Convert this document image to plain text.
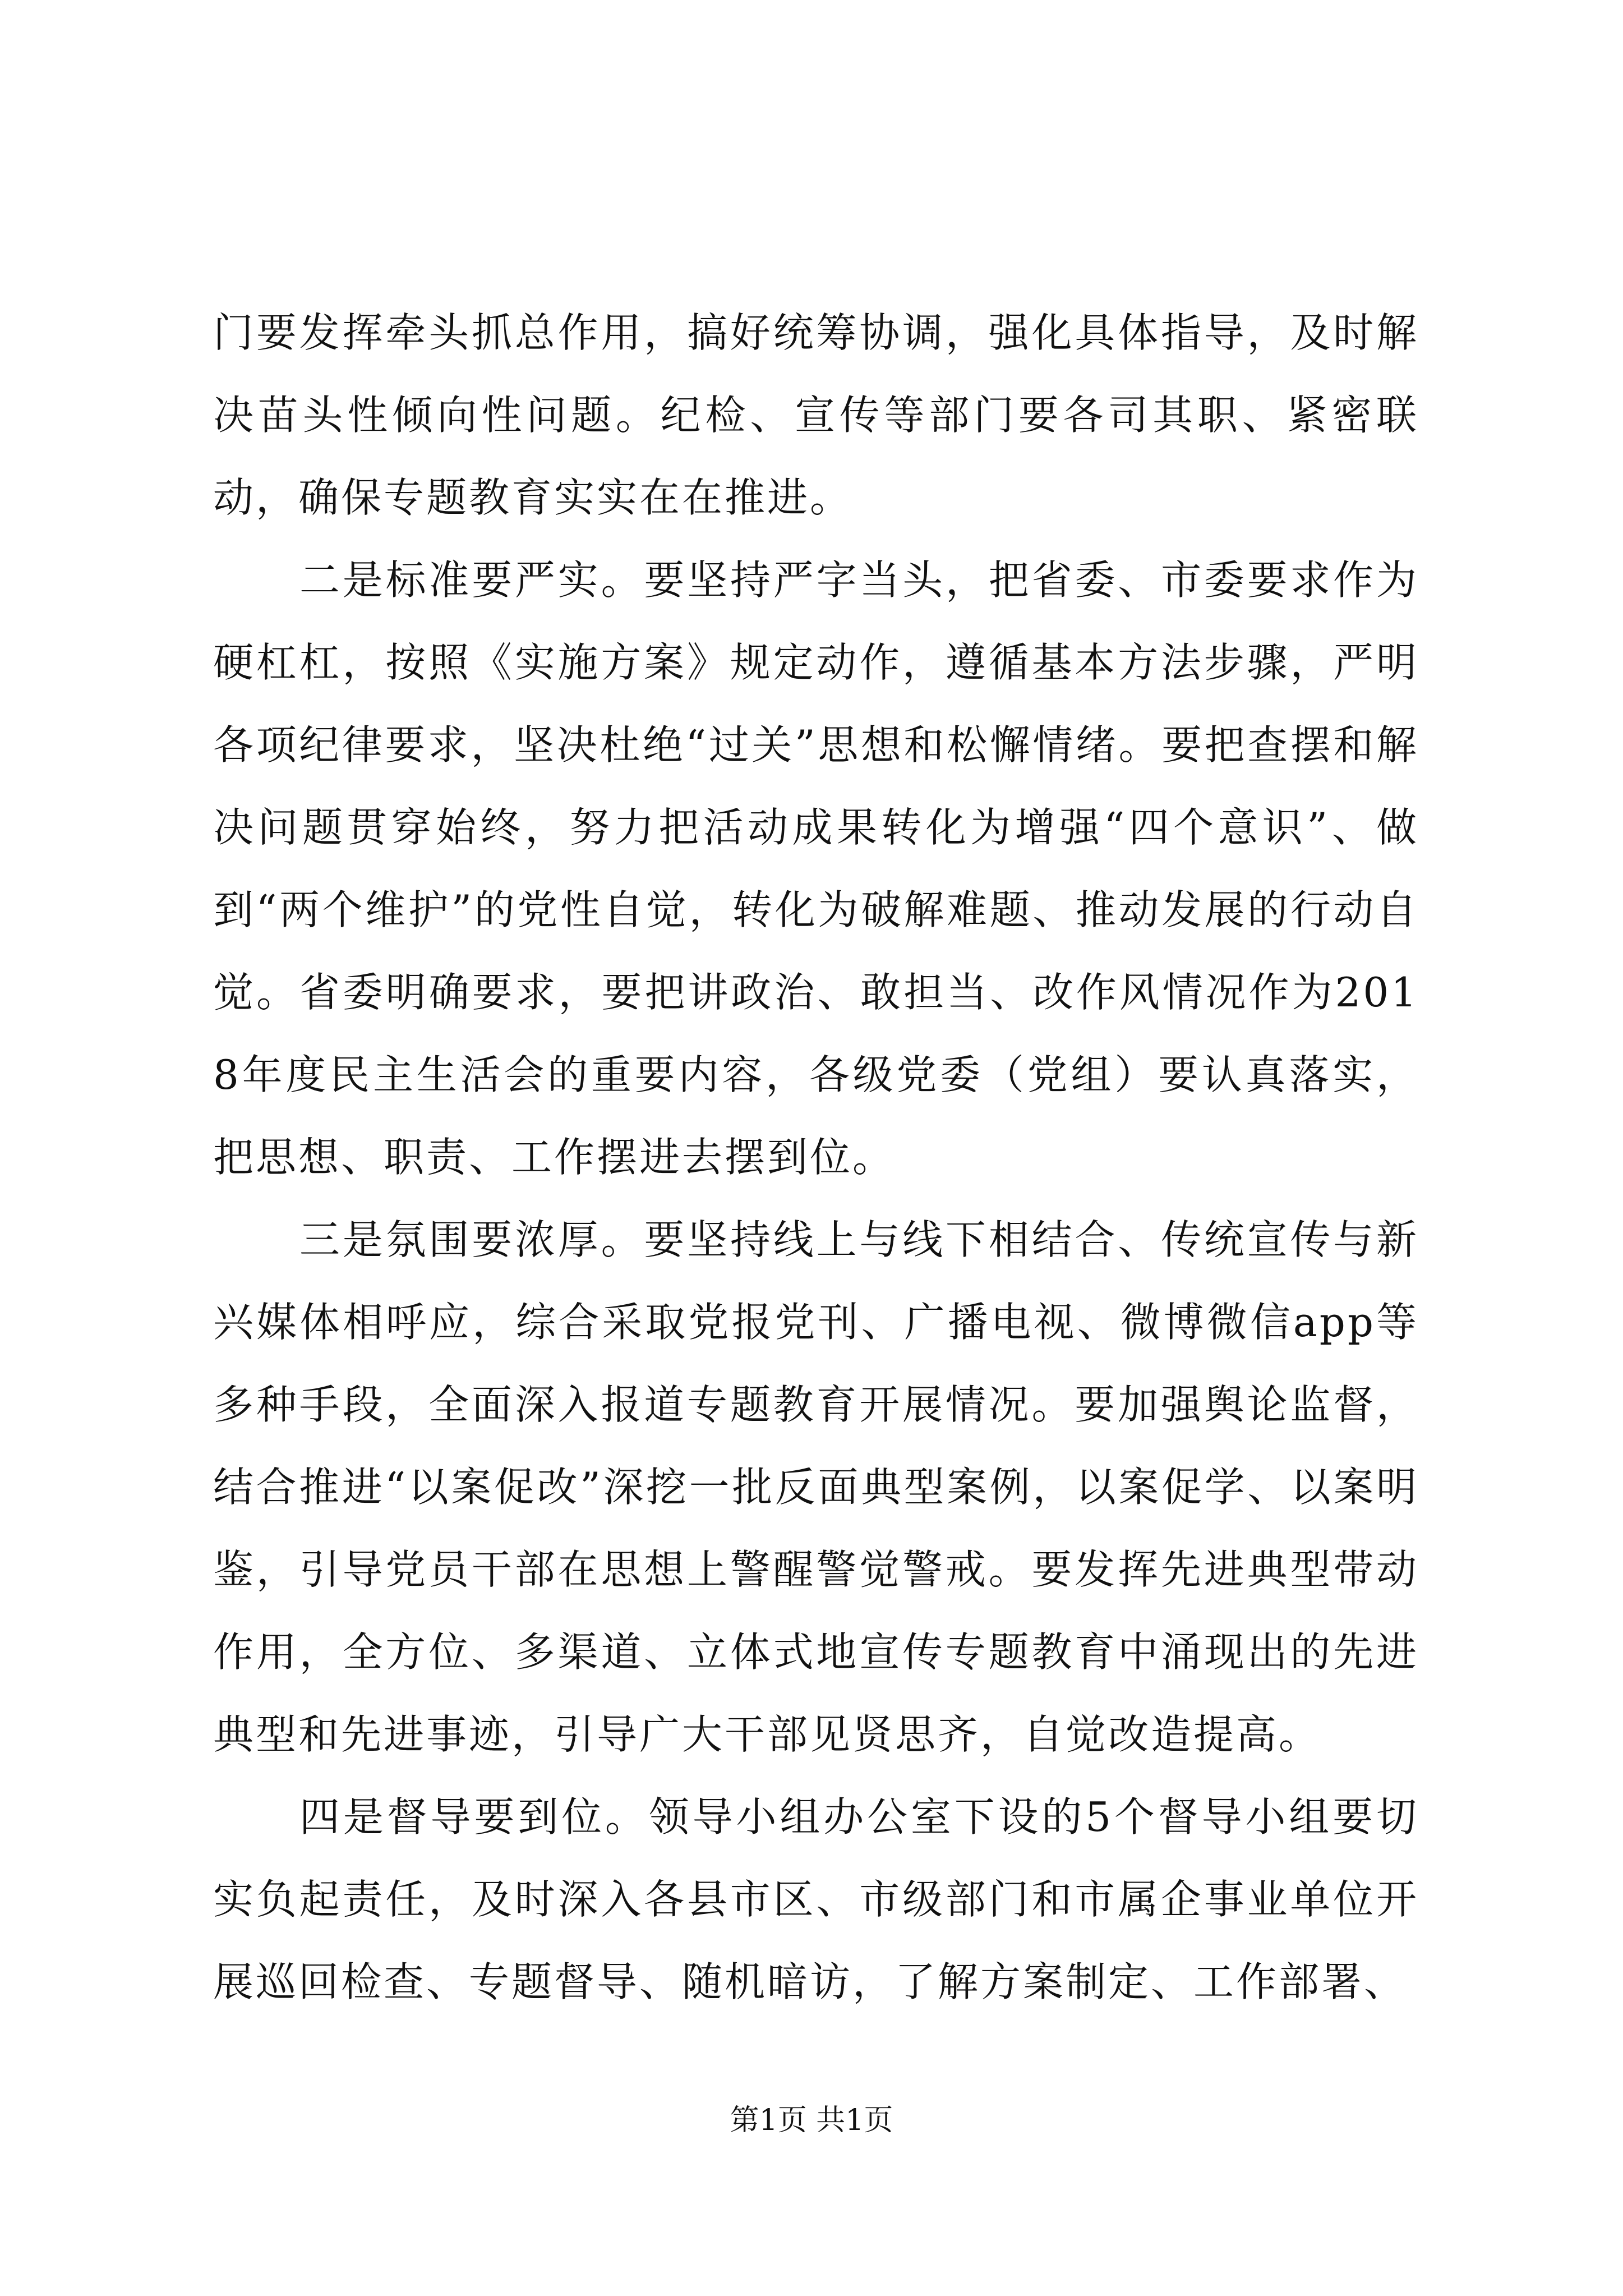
门要发挥牵头抓总作用，搞好统筹协调，强化具体指导，及时解决苗头性倾向性问题。纪检、宣传等部门要各司其职、紧密联动，确保专题教育实实在在推进。

二是标准要严实。要坚持严字当头，把省委、市委要求作为硬杠杠，按照《实施方案》规定动作，遵循基本方法步骤，严明各项纪律要求，坚决杜绝“过关”思想和松懈情绪。要把查摆和解决问题贯穿始终，努力把活动成果转化为增强“四个意识”、做到“两个维护”的党性自觉，转化为破解难题、推动发展的行动自觉。省委明确要求，要把讲政治、敢担当、改作风情况作为2018年度民主生活会的重要内容，各级党委（党组）要认真落实，把思想、职责、工作摆进去摆到位。

三是氛围要浓厚。要坚持线上与线下相结合、传统宣传与新兴媒体相呼应，综合采取党报党刊、广播电视、微博微信app等多种手段，全面深入报道专题教育开展情况。要加强舆论监督，结合推进“以案促改”深挖一批反面典型案例，以案促学、以案明鉴，引导党员干部在思想上警醒警觉警戒。要发挥先进典型带动作用，全方位、多渠道、立体式地宣传专题教育中涌现出的先进典型和先进事迹，引导广大干部见贤思齐，自觉改造提高。

四是督导要到位。领导小组办公室下设的5个督导小组要切实负起责任，及时深入各县市区、市级部门和市属企事业单位开展巡回检查、专题督导、随机暗访，了解方案制定、工作部署、

第1页 共1页
